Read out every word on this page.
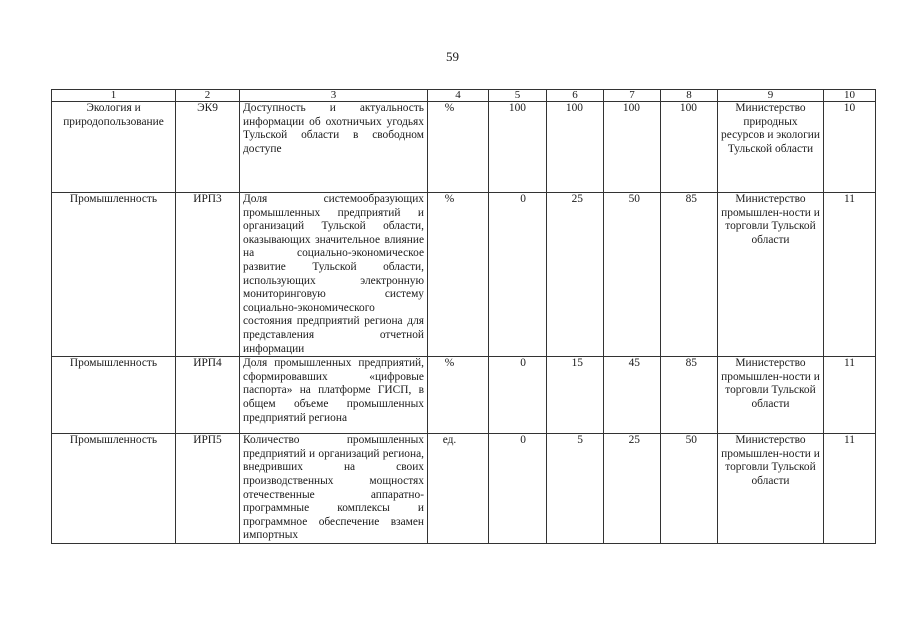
59
1	2	3	4	5	6	7	8	9	10
Экология и природопользование	ЭК9	Доступность и актуальность информации об охотничьих угодьях Тульской области в свободном доступе	%	100	100	100	100	Министерство природных ресурсов и экологии Тульской области	10
Промышленность	ИРП3	Доля системообразующих промышленных предприятий и организаций Тульской области, оказывающих значительное влияние на социально-экономическое развитие Тульской области, использующих электронную мониторинговую систему социально-экономического состояния предприятий региона для представления отчетной информации	%	0	25	50	85	Министерство промышлен-ности и торговли Тульской области	11
Промышленность	ИРП4	Доля промышленных предприятий, сформировавших «цифровые паспорта» на платформе ГИСП, в общем объеме промышленных предприятий региона	%	0	15	45	85	Министерство промышлен-ности и торговли Тульской области	11
Промышленность	ИРП5	Количество промышленных предприятий и организаций региона, внедривших на своих производственных мощностях отечественные аппаратно-программные комплексы и программное обеспечение взамен импортных	ед.	0	5	25	50	Министерство промышлен-ности и торговли Тульской области	11
